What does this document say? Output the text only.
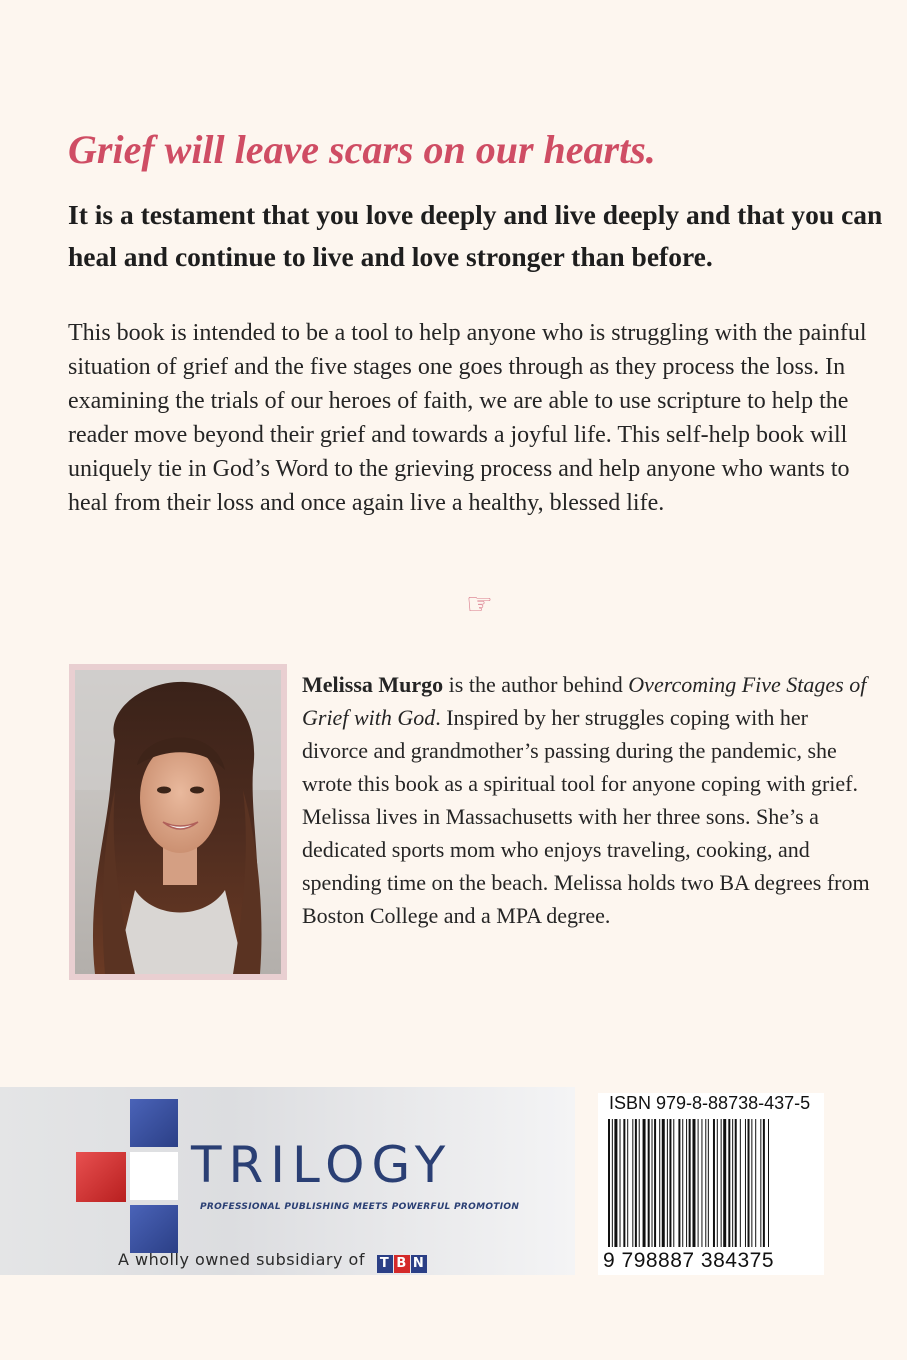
Grief will leave scars on our hearts.

It is a testament that you love deeply and live deeply and that you can heal and continue to live and love stronger than before.

This book is intended to be a tool to help anyone who is struggling with the painful situation of grief and the five stages one goes through as they process the loss. In examining the trials of our heroes of faith, we are able to use scripture to help the reader move beyond their grief and towards a joyful life. This self-help book will uniquely tie in God’s Word to the grieving process and help anyone who wants to heal from their loss and once again live a healthy, blessed life.

☞

Melissa Murgo is the author behind Overcoming Five Stages of Grief with God. Inspired by her struggles coping with her divorce and grandmother’s passing during the pandemic, she wrote this book as a spiritual tool for anyone coping with grief. Melissa lives in Massachusetts with her three sons. She’s a dedicated sports mom who enjoys traveling, cooking, and spending time on the beach. Melissa holds two BA degrees from Boston College and a MPA degree.

TRILOGY
PROFESSIONAL PUBLISHING MEETS POWERFUL PROMOTION
A wholly owned subsidiary of T B N
ISBN 979-8-88738-437-5
9 798887 384375
